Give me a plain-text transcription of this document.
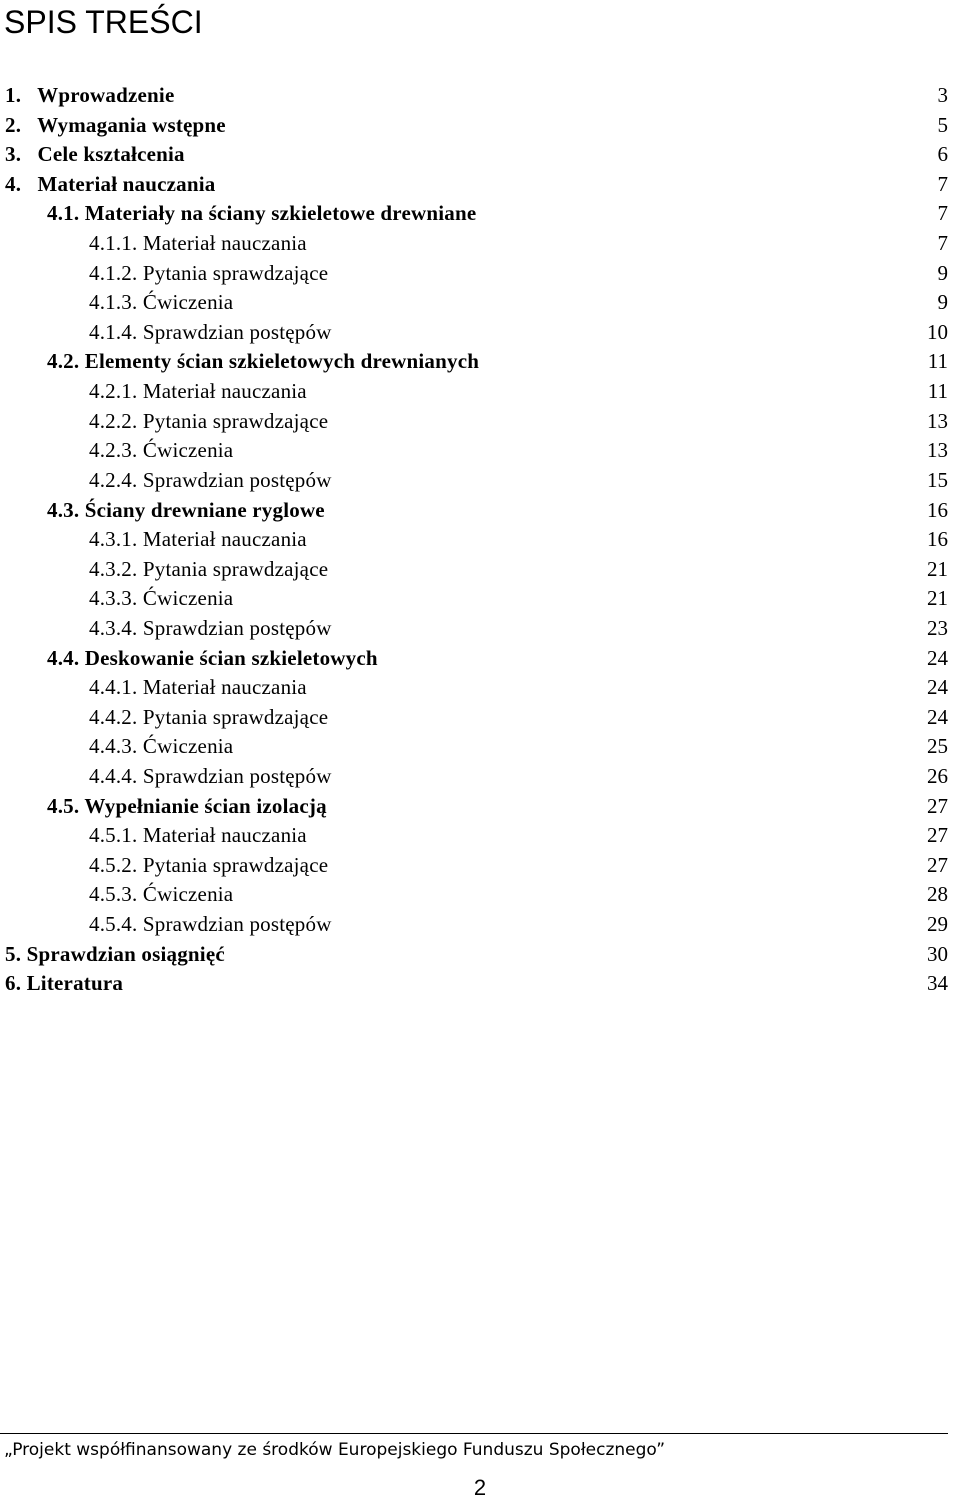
SPIS TREŚCI
1.   Wprowadzenie	3
2.   Wymagania wstępne	5
3.   Cele kształcenia	6
4.   Materiał nauczania	7
4.1. Materiały na ściany szkieletowe drewniane	7
4.1.1. Materiał nauczania	7
4.1.2. Pytania sprawdzające	9
4.1.3. Ćwiczenia	9
4.1.4. Sprawdzian postępów	10
4.2. Elementy ścian szkieletowych drewnianych	11
4.2.1. Materiał nauczania	11
4.2.2. Pytania sprawdzające	13
4.2.3. Ćwiczenia	13
4.2.4. Sprawdzian postępów	15
4.3. Ściany drewniane ryglowe	16
4.3.1. Materiał nauczania	16
4.3.2. Pytania sprawdzające	21
4.3.3. Ćwiczenia	21
4.3.4. Sprawdzian postępów	23
4.4. Deskowanie ścian szkieletowych	24
4.4.1. Materiał nauczania	24
4.4.2. Pytania sprawdzające	24
4.4.3. Ćwiczenia	25
4.4.4. Sprawdzian postępów	26
4.5. Wypełnianie ścian izolacją	27
4.5.1. Materiał nauczania	27
4.5.2. Pytania sprawdzające	27
4.5.3. Ćwiczenia	28
4.5.4. Sprawdzian postępów	29
5. Sprawdzian osiągnięć	30
6. Literatura	34
„Projekt współfinansowany ze środków Europejskiego Funduszu Społecznego”
2
